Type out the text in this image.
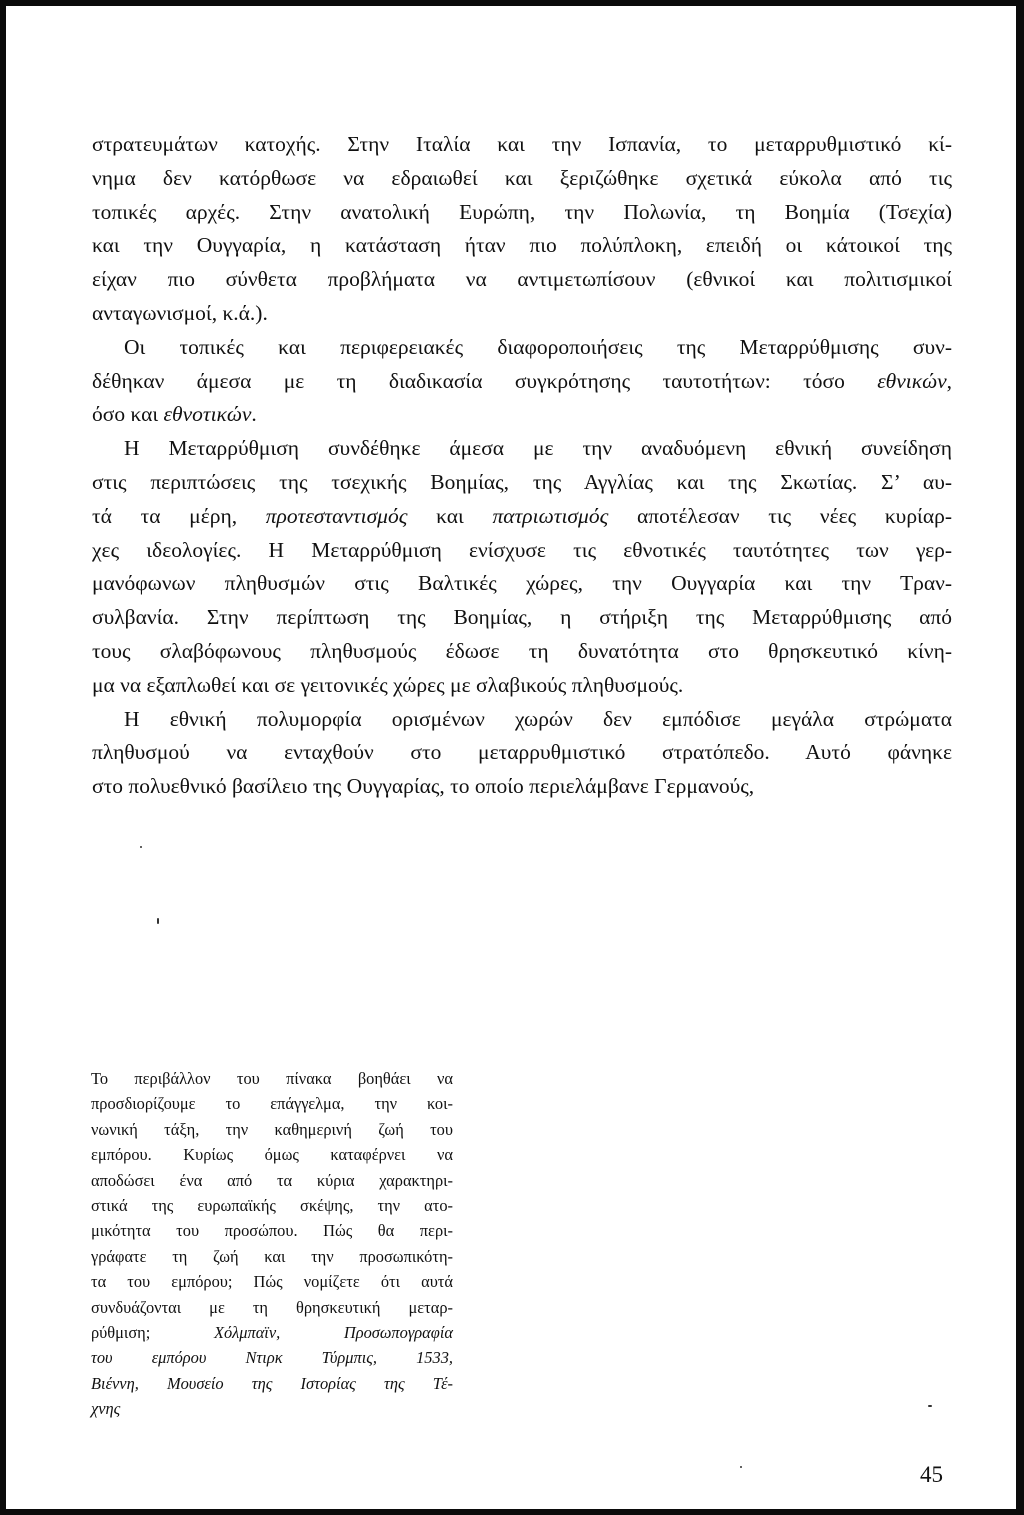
στρατευμάτων κατοχής. Στην Ιταλία και την Ισπανία, το μεταρρυθμιστικό κί-
νημα δεν κατόρθωσε να εδραιωθεί και ξεριζώθηκε σχετικά εύκολα από τις
τοπικές αρχές. Στην ανατολική Ευρώπη, την Πολωνία, τη Βοημία (Τσεχία)
και την Ουγγαρία, η κατάσταση ήταν πιο πολύπλοκη, επειδή οι κάτοικοί της
είχαν πιο σύνθετα προβλήματα να αντιμετωπίσουν (εθνικοί και πολιτισμικοί
ανταγωνισμοί, κ.ά.).

Οι τοπικές και περιφερειακές διαφοροποιήσεις της Μεταρρύθμισης συν-
δέθηκαν άμεσα με τη διαδικασία συγκρότησης ταυτοτήτων: τόσο εθνικών,
όσο και εθνοτικών.

Η Μεταρρύθμιση συνδέθηκε άμεσα με την αναδυόμενη εθνική συνείδηση
στις περιπτώσεις της τσεχικής Βοημίας, της Αγγλίας και της Σκωτίας. Σ’ αυ-
τά τα μέρη, προτεσταντισμός και πατριωτισμός αποτέλεσαν τις νέες κυρίαρ-
χες ιδεολογίες. Η Μεταρρύθμιση ενίσχυσε τις εθνοτικές ταυτότητες των γερ-
μανόφωνων πληθυσμών στις Βαλτικές χώρες, την Ουγγαρία και την Τραν-
συλβανία. Στην περίπτωση της Βοημίας, η στήριξη της Μεταρρύθμισης από
τους σλαβόφωνους πληθυσμούς έδωσε τη δυνατότητα στο θρησκευτικό κίνη-
μα να εξαπλωθεί και σε γειτονικές χώρες με σλαβικούς πληθυσμούς.

Η εθνική πολυμορφία ορισμένων χωρών δεν εμπόδισε μεγάλα στρώματα
πληθυσμού να ενταχθούν στο μεταρρυθμιστικό στρατόπεδο. Αυτό φάνηκε
στο πολυεθνικό βασίλειο της Ουγγαρίας, το οποίο περιελάμβανε Γερμανούς,

Το περιβάλλον του πίνακα βοηθάει να
προσδιορίζουμε το επάγγελμα, την κοι-
νωνική τάξη, την καθημερινή ζωή του
εμπόρου. Κυρίως όμως καταφέρνει να
αποδώσει ένα από τα κύρια χαρακτηρι-
στικά της ευρωπαϊκής σκέψης, την ατο-
μικότητα του προσώπου. Πώς θα περι-
γράφατε τη ζωή και την προσωπικότη-
τα του εμπόρου; Πώς νομίζετε ότι αυτά
συνδυάζονται με τη θρησκευτική μεταρ-
ρύθμιση; Χόλμπαϊν, Προσωπογραφία
του εμπόρου Ντιρκ Τύρμπις, 1533,
Βιέννη, Μουσείο της Ιστορίας της Τέ-
χνης
45
